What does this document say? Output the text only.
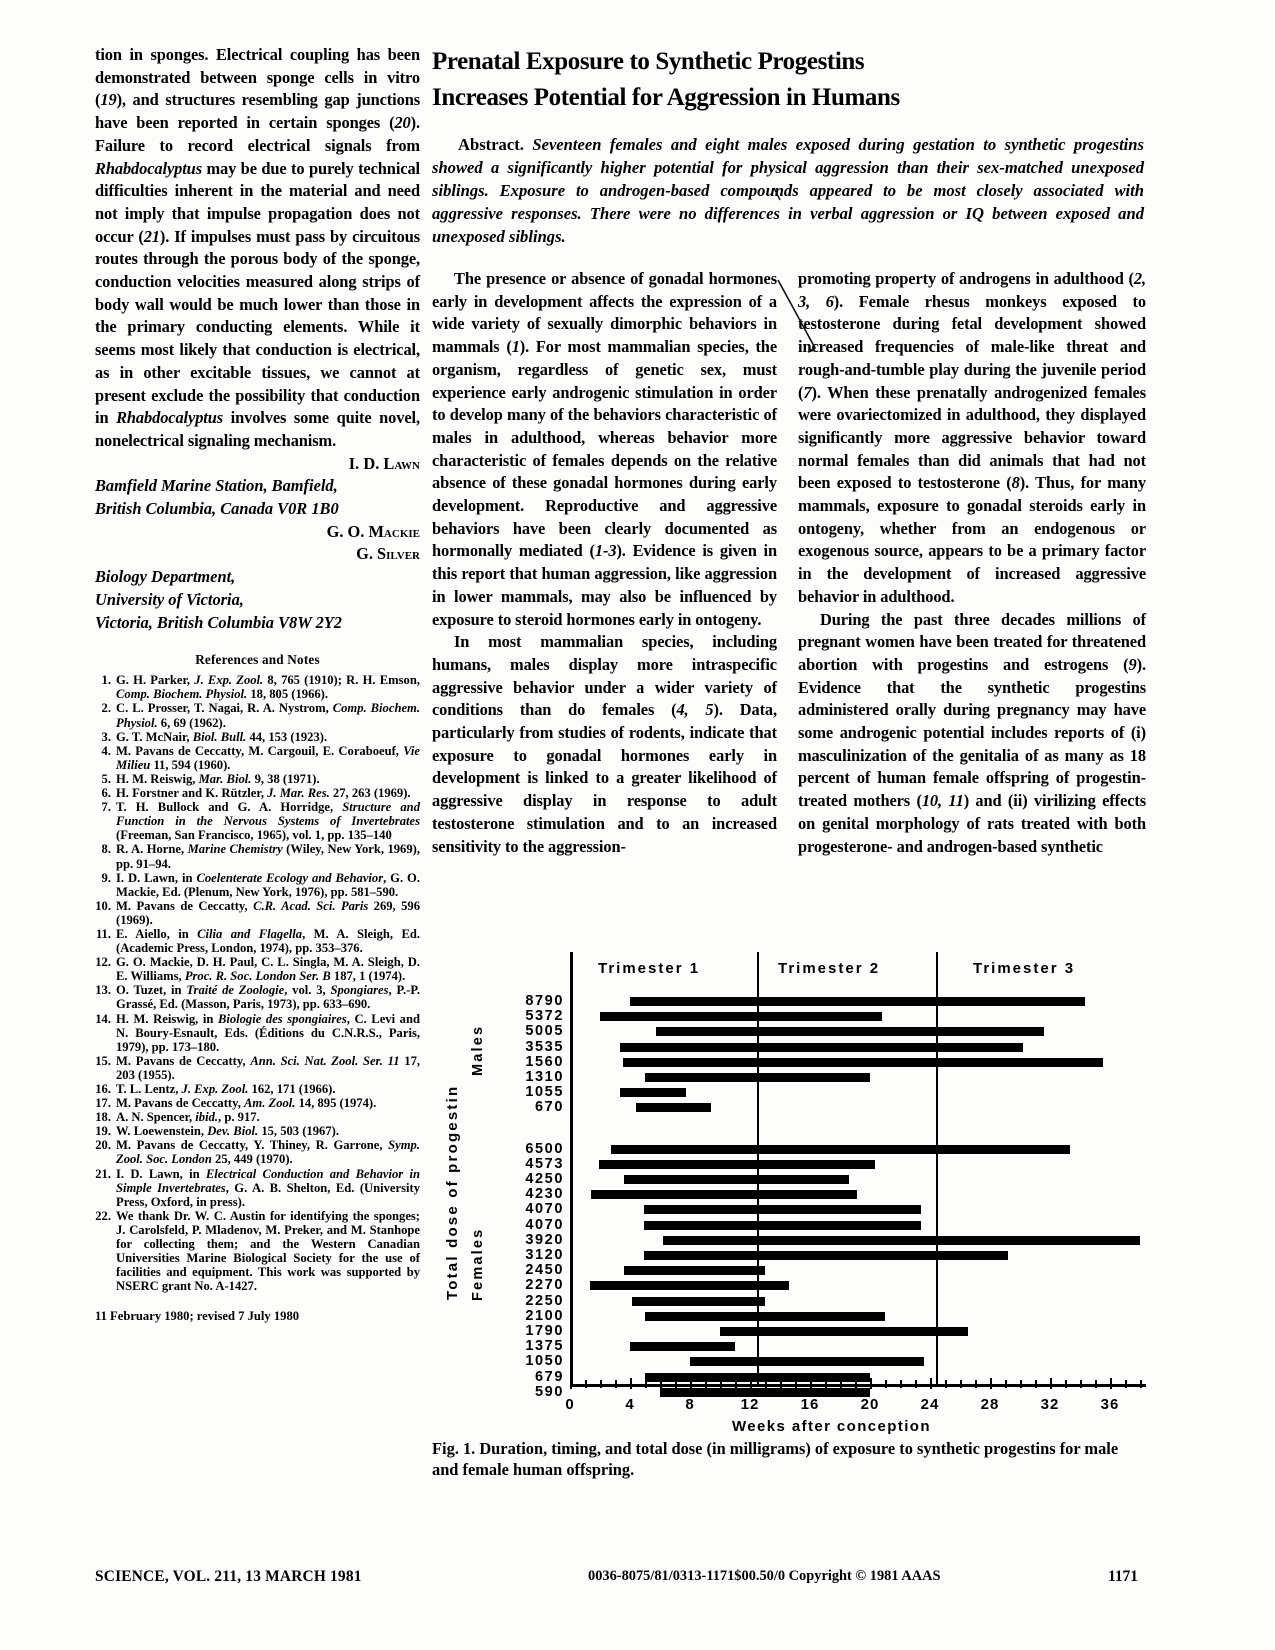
tion in sponges. Electrical coupling has been demonstrated between sponge cells in vitro (19), and structures resembling gap junctions have been reported in certain sponges (20). Failure to record electrical signals from Rhabdocalyptus may be due to purely technical difficulties inherent in the material and need not imply that impulse propagation does not occur (21). If impulses must pass by circuitous routes through the porous body of the sponge, conduction velocities measured along strips of body wall would be much lower than those in the primary conducting elements. While it seems most likely that conduction is electrical, as in other excitable tissues, we cannot at present exclude the possibility that conduction in Rhabdocalyptus involves some quite novel, nonelectrical signaling mechanism.

I. D. Lawn
Bamfield Marine Station, Bamfield,
British Columbia, Canada V0R 1B0
G. O. Mackie
G. Silver
Biology Department,
University of Victoria,
Victoria, British Columbia V8W 2Y2
References and Notes
1. G. H. Parker, J. Exp. Zool. 8, 765 (1910); R. H. Emson, Comp. Biochem. Physiol. 18, 805 (1966).
2. C. L. Prosser, T. Nagai, R. A. Nystrom, Comp. Biochem. Physiol. 6, 69 (1962).
3. G. T. McNair, Biol. Bull. 44, 153 (1923).
4. M. Pavans de Ceccatty, M. Cargouil, E. Coraboeuf, Vie Milieu 11, 594 (1960).
5. H. M. Reiswig, Mar. Biol. 9, 38 (1971).
6. H. Forstner and K. Rützler, J. Mar. Res. 27, 263 (1969).
7. T. H. Bullock and G. A. Horridge, Structure and Function in the Nervous Systems of Invertebrates (Freeman, San Francisco, 1965), vol. 1, pp. 135–140
8. R. A. Horne, Marine Chemistry (Wiley, New York, 1969), pp. 91–94.
9. I. D. Lawn, in Coelenterate Ecology and Behavior, G. O. Mackie, Ed. (Plenum, New York, 1976), pp. 581–590.
10. M. Pavans de Ceccatty, C.R. Acad. Sci. Paris 269, 596 (1969).
11. E. Aiello, in Cilia and Flagella, M. A. Sleigh, Ed. (Academic Press, London, 1974), pp. 353–376.
12. G. O. Mackie, D. H. Paul, C. L. Singla, M. A. Sleigh, D. E. Williams, Proc. R. Soc. London Ser. B 187, 1 (1974).
13. O. Tuzet, in Traité de Zoologie, vol. 3, Spongiares, P.-P. Grassé, Ed. (Masson, Paris, 1973), pp. 633–690.
14. H. M. Reiswig, in Biologie des spongiaires, C. Levi and N. Boury-Esnault, Eds. (Éditions du C.N.R.S., Paris, 1979), pp. 173–180.
15. M. Pavans de Ceccatty, Ann. Sci. Nat. Zool. Ser. 11 17, 203 (1955).
16. T. L. Lentz, J. Exp. Zool. 162, 171 (1966).
17. M. Pavans de Ceccatty, Am. Zool. 14, 895 (1974).
18. A. N. Spencer, ibid., p. 917.
19. W. Loewenstein, Dev. Biol. 15, 503 (1967).
20. M. Pavans de Ceccatty, Y. Thiney, R. Garrone, Symp. Zool. Soc. London 25, 449 (1970).
21. I. D. Lawn, in Electrical Conduction and Behavior in Simple Invertebrates, G. A. B. Shelton, Ed. (University Press, Oxford, in press).
22. We thank Dr. W. C. Austin for identifying the sponges; J. Carolsfeld, P. Mladenov, M. Preker, and M. Stanhope for collecting them; and the Western Canadian Universities Marine Biological Society for the use of facilities and equipment. This work was supported by NSERC grant No. A-1427.
11 February 1980; revised 7 July 1980
Prenatal Exposure to Synthetic Progestins
Increases Potential for Aggression in Humans
Abstract. Seventeen females and eight males exposed during gestation to synthetic progestins showed a significantly higher potential for physical aggression than their sex-matched unexposed siblings. Exposure to androgen-based compounds appeared to be most closely associated with aggressive responses. There were no differences in verbal aggression or IQ between exposed and unexposed siblings.

The presence or absence of gonadal hormones early in development affects the expression of a wide variety of sexually dimorphic behaviors in mammals (1). For most mammalian species, the organism, regardless of genetic sex, must experience early androgenic stimulation in order to develop many of the behaviors characteristic of males in adulthood, whereas behavior more characteristic of females depends on the relative absence of these gonadal hormones during early development. Reproductive and aggressive behaviors have been clearly documented as hormonally mediated (1-3). Evidence is given in this report that human aggression, like aggression in lower mammals, may also be influenced by exposure to steroid hormones early in ontogeny.

In most mammalian species, including humans, males display more intraspecific aggressive behavior under a wider variety of conditions than do females (4, 5). Data, particularly from studies of rodents, indicate that exposure to gonadal hormones early in development is linked to a greater likelihood of aggressive display in response to adult testosterone stimulation and to an increased sensitivity to the aggression-

promoting property of androgens in adulthood (2, 3, 6). Female rhesus monkeys exposed to testosterone during fetal development showed increased frequencies of male-like threat and rough-and-tumble play during the juvenile period (7). When these prenatally androgenized females were ovariectomized in adulthood, they displayed significantly more aggressive behavior toward normal females than did animals that had not been exposed to testosterone (8). Thus, for many mammals, exposure to gonadal steroids early in ontogeny, whether from an endogenous or exogenous source, appears to be a primary factor in the development of increased aggressive behavior in adulthood.

During the past three decades millions of pregnant women have been treated for threatened abortion with progestins and estrogens (9). Evidence that the synthetic progestins administered orally during pregnancy may have some androgenic potential includes reports of (i) masculinization of the genitalia of as many as 18 percent of human female offspring of progestin-treated mothers (10, 11) and (ii) virilizing effects on genital morphology of rats treated with both progesterone- and androgen-based synthetic

Trimester 1	Trimester 2	Trimester 3
8790
5372
5005
3535
1560
1310
1055
670
6500
4573
4250
4230
4070
4070
3920
3120
2450
2270
2250
2100
1790
1375
1050
679
590
Males
Females
Total dose of progestin
0	4	8	12	16	20	24	28	32	36
Weeks after conception
Fig. 1. Duration, timing, and total dose (in milligrams) of exposure to synthetic progestins for male and female human offspring.
SCIENCE, VOL. 211, 13 MARCH 1981	0036-8075/81/0313-1171$00.50/0 Copyright © 1981 AAAS	1171
